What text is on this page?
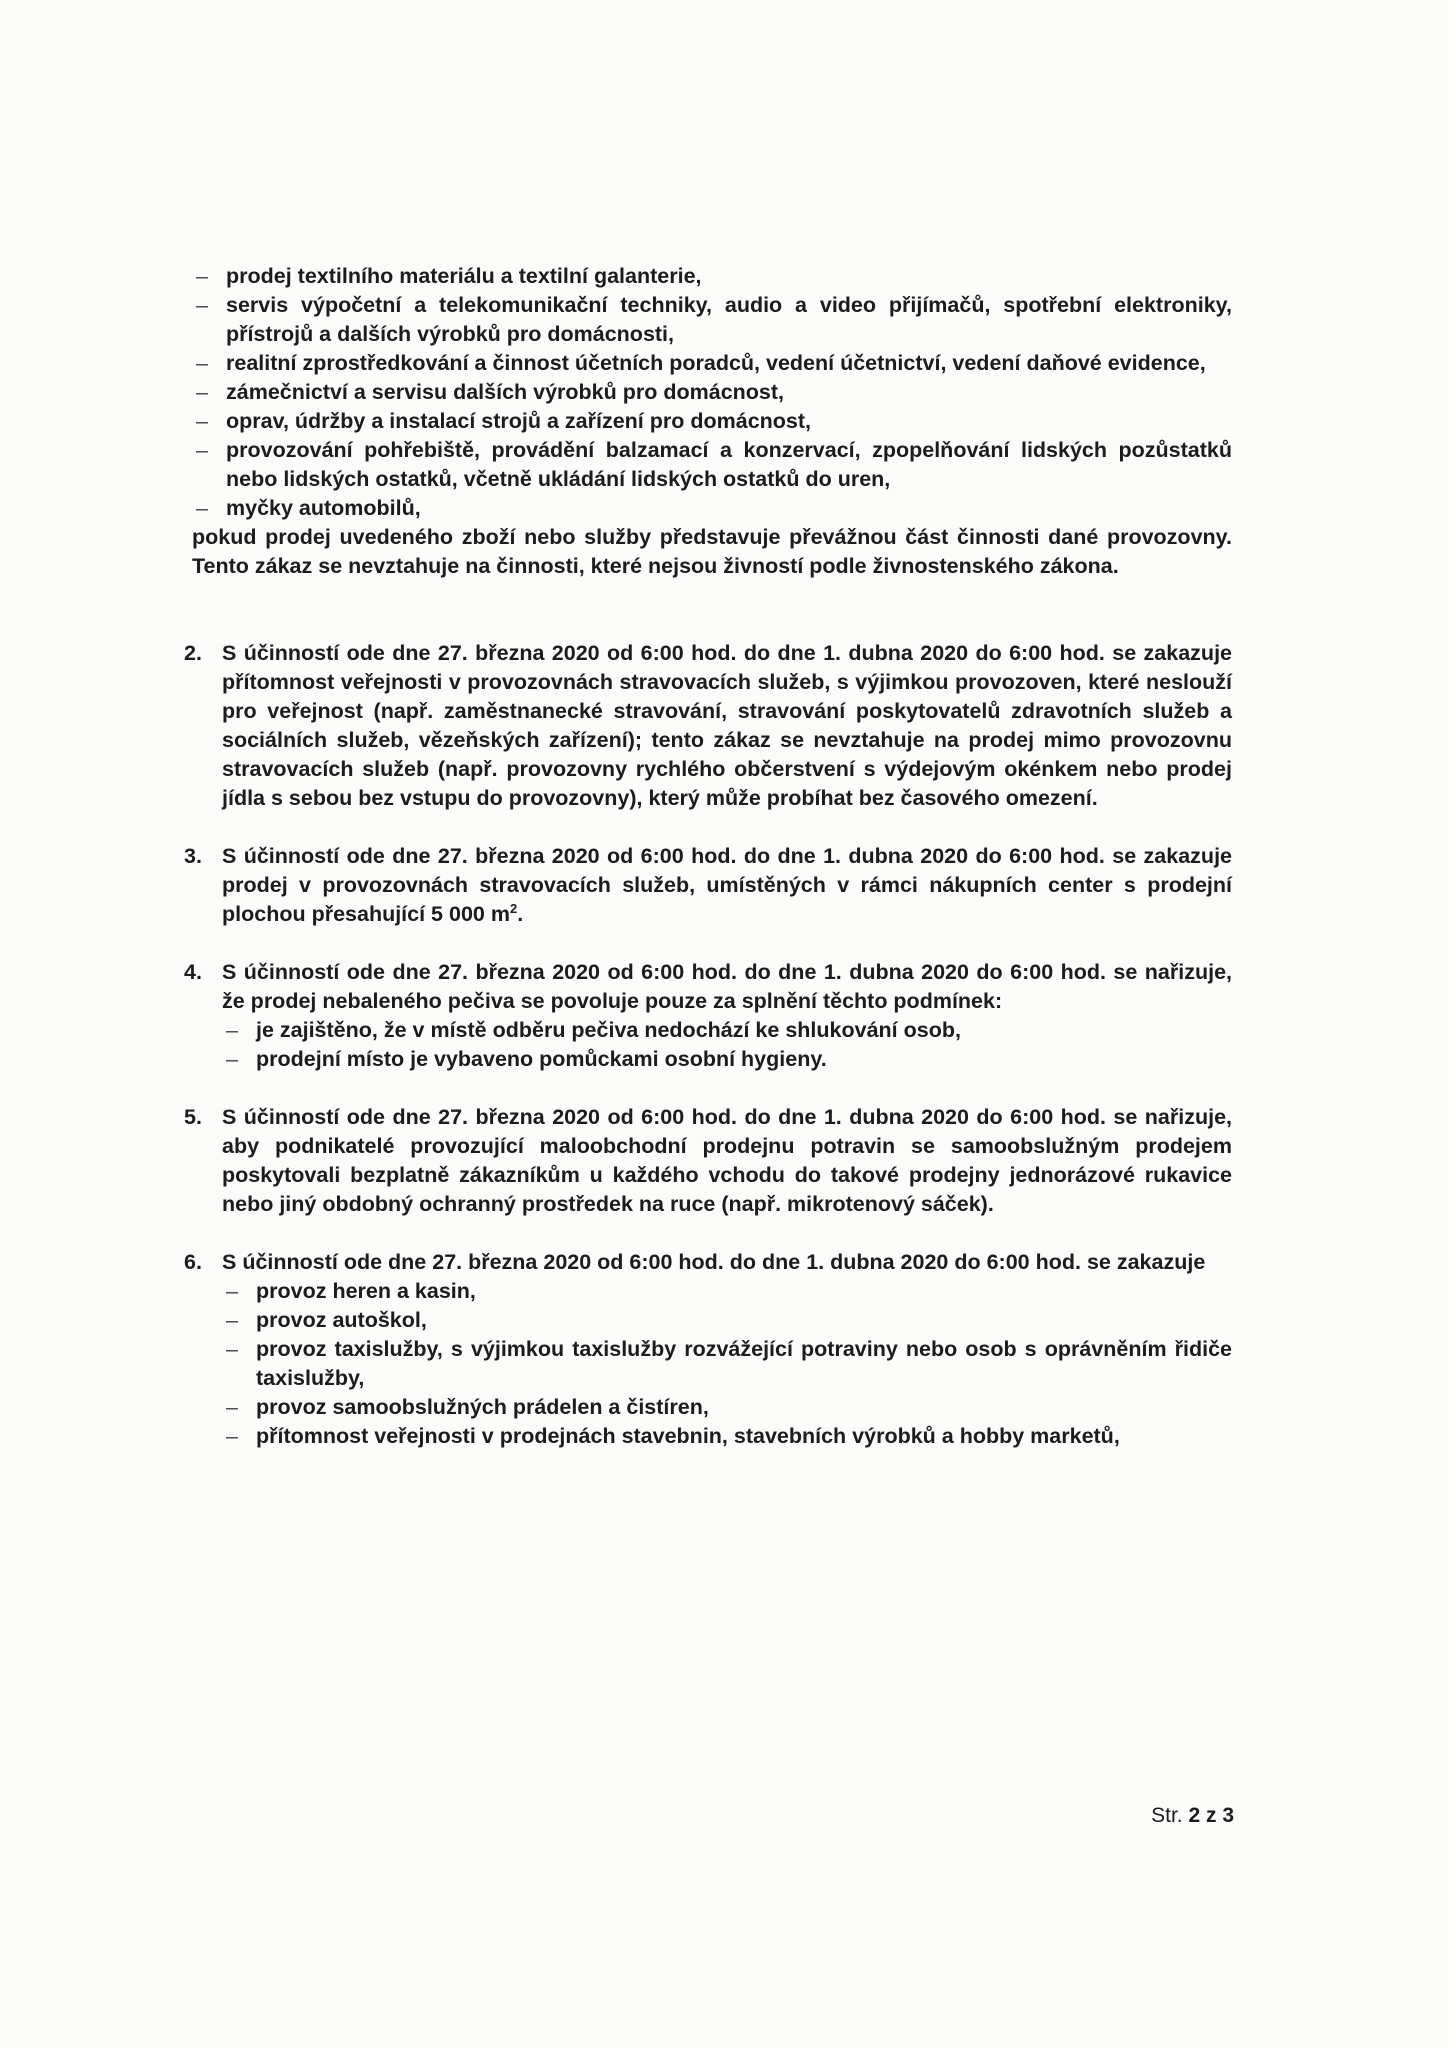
– prodej textilního materiálu a textilní galanterie,
– servis výpočetní a telekomunikační techniky, audio a video přijímačů, spotřební elektroniky, přístrojů a dalších výrobků pro domácnosti,
– realitní zprostředkování a činnost účetních poradců, vedení účetnictví, vedení daňové evidence,
– zámečnictví a servisu dalších výrobků pro domácnost,
– oprav, údržby a instalací strojů a zařízení pro domácnost,
– provozování pohřebiště, provádění balzamací a konzervací, zpopelňování lidských pozůstatků nebo lidských ostatků, včetně ukládání lidských ostatků do uren,
– myčky automobilů,

pokud prodej uvedeného zboží nebo služby představuje převážnou část činnosti dané provozovny. Tento zákaz se nevztahuje na činnosti, které nejsou živností podle živnostenského zákona.

2. S účinností ode dne 27. března 2020 od 6:00 hod. do dne 1. dubna 2020 do 6:00 hod. se zakazuje přítomnost veřejnosti v provozovnách stravovacích služeb, s výjimkou provozoven, které neslouží pro veřejnost (např. zaměstnanecké stravování, stravování poskytovatelů zdravotních služeb a sociálních služeb, vězeňských zařízení); tento zákaz se nevztahuje na prodej mimo provozovnu stravovacích služeb (např. provozovny rychlého občerstvení s výdejovým okénkem nebo prodej jídla s sebou bez vstupu do provozovny), který může probíhat bez časového omezení.
3. S účinností ode dne 27. března 2020 od 6:00 hod. do dne 1. dubna 2020 do 6:00 hod. se zakazuje prodej v provozovnách stravovacích služeb, umístěných v rámci nákupních center s prodejní plochou přesahující 5 000 $m^2$.
4. S účinností ode dne 27. března 2020 od 6:00 hod. do dne 1. dubna 2020 do 6:00 hod. se nařizuje, že prodej nebaleného pečiva se povoluje pouze za splnění těchto podmínek:
– je zajištěno, že v místě odběru pečiva nedochází ke shlukování osob,
– prodejní místo je vybaveno pomůckami osobní hygieny.
5. S účinností ode dne 27. března 2020 od 6:00 hod. do dne 1. dubna 2020 do 6:00 hod. se nařizuje, aby podnikatelé provozující maloobchodní prodejnu potravin se samoobslužným prodejem poskytovali bezplatně zákazníkům u každého vchodu do takové prodejny jednorázové rukavice nebo jiný obdobný ochranný prostředek na ruce (např. mikrotenový sáček).
6. S účinností ode dne 27. března 2020 od 6:00 hod. do dne 1. dubna 2020 do 6:00 hod. se zakazuje
– provoz heren a kasin,
– provoz autoškol,
– provoz taxislužby, s výjimkou taxislužby rozvážející potraviny nebo osob s oprávněním řidiče taxislužby,
– provoz samoobslužných prádelen a čistíren,
– přítomnost veřejnosti v prodejnách stavebnin, stavebních výrobků a hobby marketů,
Str. 2 z 3
